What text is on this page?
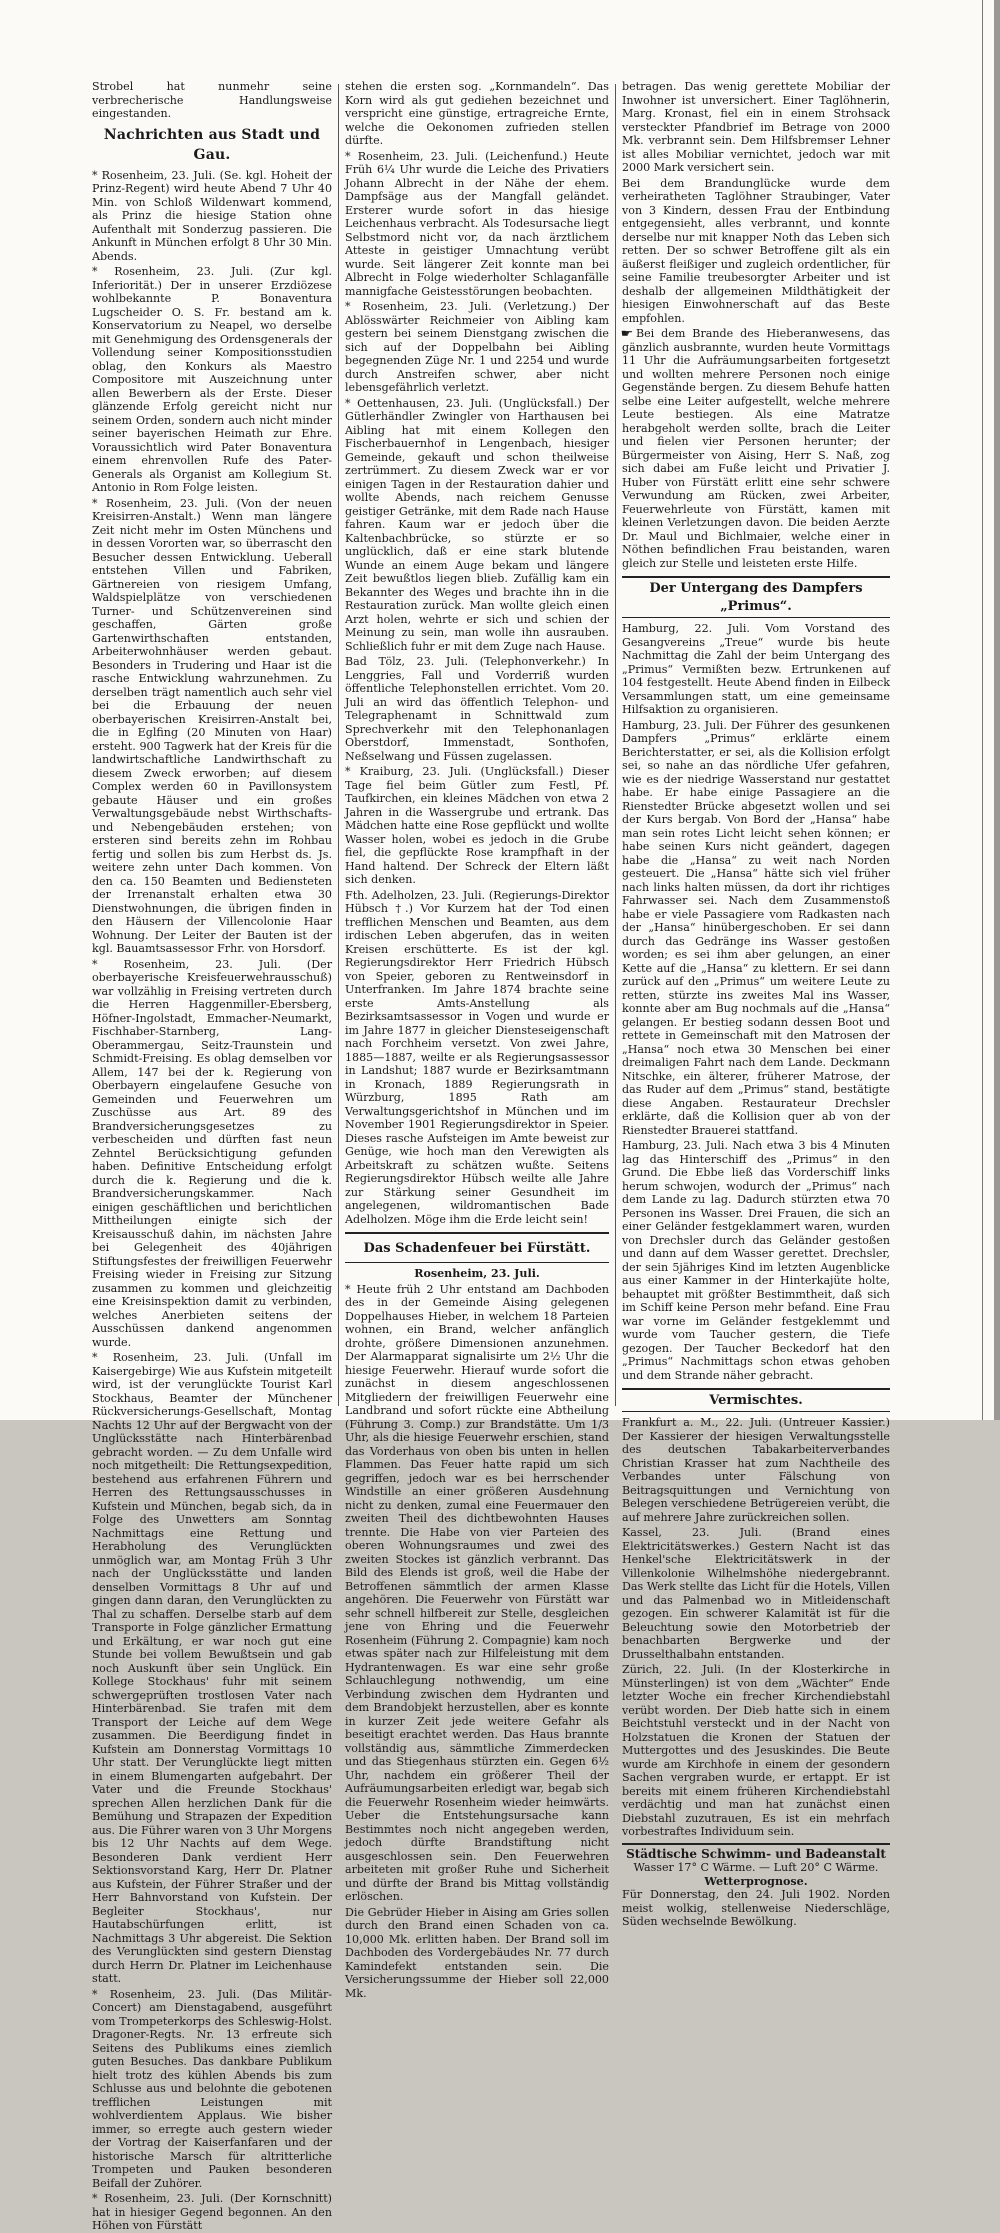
Strobel hat nunmehr seine verbrecherische Handlungsweise eingestanden.

Nachrichten aus Stadt und Gau.

* Rosenheim, 23. Juli. (Se. kgl. Hoheit der Prinz-Regent) wird heute Abend 7 Uhr 40 Min. von Schloß Wildenwart kommend, als Prinz die hiesige Station ohne Aufenthalt mit Sonderzug passieren. Die Ankunft in München erfolgt 8 Uhr 30 Min. Abends.

* Rosenheim, 23. Juli. (Zur kgl. Inferiorität.) Der in unserer Erzdiözese wohlbekannte P. Bonaventura Lugscheider O. S. Fr. bestand am k. Konservatorium zu Neapel, wo derselbe mit Genehmigung des Ordensgenerals der Vollendung seiner Kompositionsstudien oblag, den Konkurs als Maestro Compositore mit Auszeichnung unter allen Bewerbern als der Erste. Dieser glänzende Erfolg gereicht nicht nur seinem Orden, sondern auch nicht minder seiner bayerischen Heimath zur Ehre. Voraussichtlich wird Pater Bonaventura einem ehrenvollen Rufe des Pater-Generals als Organist am Kollegium St. Antonio in Rom Folge leisten.

* Rosenheim, 23. Juli. (Von der neuen Kreisirren-Anstalt.) Wenn man längere Zeit nicht mehr im Osten Münchens und in dessen Vororten war, so überrascht den Besucher dessen Entwicklung. Ueberall entstehen Villen und Fabriken, Gärtnereien von riesigem Umfang, Waldspielplätze von verschiedenen Turner- und Schützenvereinen sind geschaffen, Gärten große Gartenwirthschaften entstanden, Arbeiterwohnhäuser werden gebaut. Besonders in Trudering und Haar ist die rasche Entwicklung wahrzunehmen. Zu derselben trägt namentlich auch sehr viel bei die Erbauung der neuen oberbayerischen Kreisirren-Anstalt bei, die in Eglfing (20 Minuten von Haar) ersteht. 900 Tagwerk hat der Kreis für die landwirtschaftliche Landwirthschaft zu diesem Zweck erworben; auf diesem Complex werden 60 in Pavillonsystem gebaute Häuser und ein großes Verwaltungsgebäude nebst Wirthschafts- und Nebengebäuden erstehen; von ersteren sind bereits zehn im Rohbau fertig und sollen bis zum Herbst ds. Js. weitere zehn unter Dach kommen. Von den ca. 150 Beamten und Bediensteten der Irrenanstalt erhalten etwa 30 Dienstwohnungen, die übrigen finden in den Häusern der Villencolonie Haar Wohnung. Der Leiter der Bauten ist der kgl. Bauamtsassessor Frhr. von Horsdorf.

* Rosenheim, 23. Juli. (Der oberbayerische Kreisfeuerwehrausschuß) war vollzählig in Freising vertreten durch die Herren Haggenmiller-Ebersberg, Höfner-Ingolstadt, Emmacher-Neumarkt, Fischhaber-Starnberg, Lang-Oberammergau, Seitz-Traunstein und Schmidt-Freising. Es oblag demselben vor Allem, 147 bei der k. Regierung von Oberbayern eingelaufene Gesuche von Gemeinden und Feuerwehren um Zuschüsse aus Art. 89 des Brandversicherungsgesetzes zu verbescheiden und dürften fast neun Zehntel Berücksichtigung gefunden haben. Definitive Entscheidung erfolgt durch die k. Regierung und die k. Brandversicherungskammer. Nach einigen geschäftlichen und berichtlichen Mittheilungen einigte sich der Kreisausschuß dahin, im nächsten Jahre bei Gelegenheit des 40jährigen Stiftungsfestes der freiwilligen Feuerwehr Freising wieder in Freising zur Sitzung zusammen zu kommen und gleichzeitig eine Kreisinspektion damit zu verbinden, welches Anerbieten seitens der Ausschüssen dankend angenommen wurde.

* Rosenheim, 23. Juli. (Unfall im Kaisergebirge) Wie aus Kufstein mitgeteilt wird, ist der verunglückte Tourist Karl Stockhaus, Beamter der Münchener Rückversicherungs-Gesellschaft, Montag Nachts 12 Uhr auf der Bergwacht von der Unglücksstätte nach Hinterbärenbad gebracht worden. — Zu dem Unfalle wird noch mitgetheilt: Die Rettungsexpedition, bestehend aus erfahrenen Führern und Herren des Rettungsausschusses in Kufstein und München, begab sich, da in Folge des Unwetters am Sonntag Nachmittags eine Rettung und Herabholung des Verunglückten unmöglich war, am Montag Früh 3 Uhr nach der Unglücksstätte und landen denselben Vormittags 8 Uhr auf und gingen dann daran, den Verunglückten zu Thal zu schaffen. Derselbe starb auf dem Transporte in Folge gänzlicher Ermattung und Erkältung, er war noch gut eine Stunde bei vollem Bewußtsein und gab noch Auskunft über sein Unglück. Ein Kollege Stockhaus' fuhr mit seinem schwergeprüften trostlosen Vater nach Hinterbärenbad. Sie trafen mit dem Transport der Leiche auf dem Wege zusammen. Die Beerdigung findet in Kufstein am Donnerstag Vormittags 10 Uhr statt. Der Verunglückte liegt mitten in einem Blumengarten aufgebahrt. Der Vater und die Freunde Stockhaus' sprechen Allen herzlichen Dank für die Bemühung und Strapazen der Expedition aus. Die Führer waren von 3 Uhr Morgens bis 12 Uhr Nachts auf dem Wege. Besonderen Dank verdient Herr Sektionsvorstand Karg, Herr Dr. Platner aus Kufstein, der Führer Straßer und der Herr Bahnvorstand von Kufstein. Der Begleiter Stockhaus', nur Hautabschürfungen erlitt, ist Nachmittags 3 Uhr abgereist. Die Sektion des Verunglückten sind gestern Dienstag durch Herrn Dr. Platner im Leichenhause statt.

* Rosenheim, 23. Juli. (Das Militär-Concert) am Dienstagabend, ausgeführt vom Trompeterkorps des Schleswig-Holst. Dragoner-Regts. Nr. 13 erfreute sich Seitens des Publikums eines ziemlich guten Besuches. Das dankbare Publikum hielt trotz des kühlen Abends bis zum Schlusse aus und belohnte die gebotenen trefflichen Leistungen mit wohlverdientem Applaus. Wie bisher immer, so erregte auch gestern wieder der Vortrag der Kaiserfanfaren und der historische Marsch für altritterliche Trompeten und Pauken besonderen Beifall der Zuhörer.

* Rosenheim, 23. Juli. (Der Kornschnitt) hat in hiesiger Gegend begonnen. An den Höhen von Fürstätt

stehen die ersten sog. „Kornmandeln“. Das Korn wird als gut gediehen bezeichnet und verspricht eine günstige, ertragreiche Ernte, welche die Oekonomen zufrieden stellen dürfte.

* Rosenheim, 23. Juli. (Leichenfund.) Heute Früh 6¼ Uhr wurde die Leiche des Privatiers Johann Albrecht in der Nähe der ehem. Dampfsäge aus der Mangfall geländet. Ersterer wurde sofort in das hiesige Leichenhaus verbracht. Als Todesursache liegt Selbstmord nicht vor, da nach ärztlichem Atteste in geistiger Umnachtung verübt wurde. Seit längerer Zeit konnte man bei Albrecht in Folge wiederholter Schlaganfälle mannigfache Geistesstörungen beobachten.

* Rosenheim, 23. Juli. (Verletzung.) Der Ablösswärter Reichmeier von Aibling kam gestern bei seinem Dienstgang zwischen die sich auf der Doppelbahn bei Aibling begegnenden Züge Nr. 1 und 2254 und wurde durch Anstreifen schwer, aber nicht lebensgefährlich verletzt.

* Oettenhausen, 23. Juli. (Unglücksfall.) Der Gütlerhändler Zwingler von Harthausen bei Aibling hat mit einem Kollegen den Fischerbauernhof in Lengenbach, hiesiger Gemeinde, gekauft und schon theilweise zertrümmert. Zu diesem Zweck war er vor einigen Tagen in der Restauration dahier und wollte Abends, nach reichem Genusse geistiger Getränke, mit dem Rade nach Hause fahren. Kaum war er jedoch über die Kaltenbachbrücke, so stürzte er so unglücklich, daß er eine stark blutende Wunde an einem Auge bekam und längere Zeit bewußtlos liegen blieb. Zufällig kam ein Bekannter des Weges und brachte ihn in die Restauration zurück. Man wollte gleich einen Arzt holen, wehrte er sich und schien der Meinung zu sein, man wolle ihn ausrauben. Schließlich fuhr er mit dem Zuge nach Hause.

Bad Tölz, 23. Juli. (Telephonverkehr.) In Lenggries, Fall und Vorderriß wurden öffentliche Telephonstellen errichtet. Vom 20. Juli an wird das öffentlich Telephon- und Telegraphenamt in Schnittwald zum Sprechverkehr mit den Telephonanlagen Oberstdorf, Immenstadt, Sonthofen, Neßselwang und Füssen zugelassen.

* Kraiburg, 23. Juli. (Unglücksfall.) Dieser Tage fiel beim Gütler zum Festl, Pf. Taufkirchen, ein kleines Mädchen von etwa 2 Jahren in die Wassergrube und ertrank. Das Mädchen hatte eine Rose gepflückt und wollte Wasser holen, wobei es jedoch in die Grube fiel, die gepflückte Rose krampfhaft in der Hand haltend. Der Schreck der Eltern läßt sich denken.

Fth. Adelholzen, 23. Juli. (Regierungs-Direktor Hübsch †.) Vor Kurzem hat der Tod einen trefflichen Menschen und Beamten, aus dem irdischen Leben abgerufen, das in weiten Kreisen erschütterte. Es ist der kgl. Regierungsdirektor Herr Friedrich Hübsch von Speier, geboren zu Rentweinsdorf in Unterfranken. Im Jahre 1874 brachte seine erste Amts-Anstellung als Bezirksamtsassessor in Vogen und wurde er im Jahre 1877 in gleicher Diensteseigenschaft nach Forchheim versetzt. Von zwei Jahre, 1885—1887, weilte er als Regierungsassessor in Landshut; 1887 wurde er Bezirksamtmann in Kronach, 1889 Regierungsrath in Würzburg, 1895 Rath am Verwaltungsgerichtshof in München und im November 1901 Regierungsdirektor in Speier. Dieses rasche Aufsteigen im Amte beweist zur Genüge, wie hoch man den Verewigten als Arbeitskraft zu schätzen wußte. Seitens Regierungsdirektor Hübsch weilte alle Jahre zur Stärkung seiner Gesundheit im angelegenen, wildromantischen Bade Adelholzen. Möge ihm die Erde leicht sein!

Das Schadenfeuer bei Fürstätt.
Rosenheim, 23. Juli.

* Heute früh 2 Uhr entstand am Dachboden des in der Gemeinde Aising gelegenen Doppelhauses Hieber, in welchem 18 Parteien wohnen, ein Brand, welcher anfänglich drohte, größere Dimensionen anzunehmen. Der Alarmapparat signalisirte um 2½ Uhr die hiesige Feuerwehr. Hierauf wurde sofort die zunächst in diesem angeschlossenen Mitgliedern der freiwilligen Feuerwehr eine Landbrand und sofort rückte eine Abtheilung (Führung 3. Comp.) zur Brandstätte. Um 1/3 Uhr, als die hiesige Feuerwehr erschien, stand das Vorderhaus von oben bis unten in hellen Flammen. Das Feuer hatte rapid um sich gegriffen, jedoch war es bei herrschender Windstille an einer größeren Ausdehnung nicht zu denken, zumal eine Feuermauer den zweiten Theil des dichtbewohnten Hauses trennte. Die Habe von vier Parteien des oberen Wohnungsraumes und zwei des zweiten Stockes ist gänzlich verbrannt. Das Bild des Elends ist groß, weil die Habe der Betroffenen sämmtlich der armen Klasse angehören. Die Feuerwehr von Fürstätt war sehr schnell hilfbereit zur Stelle, desgleichen jene von Ehring und die Feuerwehr Rosenheim (Führung 2. Compagnie) kam noch etwas später nach zur Hilfeleistung mit dem Hydrantenwagen. Es war eine sehr große Schlauchlegung nothwendig, um eine Verbindung zwischen dem Hydranten und dem Brandobjekt herzustellen, aber es konnte in kurzer Zeit jede weitere Gefahr als beseitigt erachtet werden. Das Haus brannte vollständig aus, sämmtliche Zimmerdecken und das Stiegenhaus stürzten ein. Gegen 6½ Uhr, nachdem ein größerer Theil der Aufräumungsarbeiten erledigt war, begab sich die Feuerwehr Rosenheim wieder heimwärts. Ueber die Entstehungsursache kann Bestimmtes noch nicht angegeben werden, jedoch dürfte Brandstiftung nicht ausgeschlossen sein. Den Feuerwehren arbeiteten mit großer Ruhe und Sicherheit und dürfte der Brand bis Mittag vollständig erlöschen.

Die Gebrüder Hieber in Aising am Gries sollen durch den Brand einen Schaden von ca. 10,000 Mk. erlitten haben. Der Brand soll im Dachboden des Vordergebäudes Nr. 77 durch Kamindefekt entstanden sein. Die Versicherungssumme der Hieber soll 22,000 Mk.

betragen. Das wenig gerettete Mobiliar der Inwohner ist unversichert. Einer Taglöhnerin, Marg. Kronast, fiel ein in einem Strohsack versteckter Pfandbrief im Betrage von 2000 Mk. verbrannt sein. Dem Hilfsbremser Lehner ist alles Mobiliar vernichtet, jedoch war mit 2000 Mark versichert sein.

Bei dem Brandunglücke wurde dem verheiratheten Taglöhner Straubinger, Vater von 3 Kindern, dessen Frau der Entbindung entgegensieht, alles verbrannt, und konnte derselbe nur mit knapper Noth das Leben sich retten. Der so schwer Betroffene gilt als ein äußerst fleißiger und zugleich ordentlicher, für seine Familie treubesorgter Arbeiter und ist deshalb der allgemeinen Mildthätigkeit der hiesigen Einwohnerschaft auf das Beste empfohlen.

☛ Bei dem Brande des Hieberanwesens, das gänzlich ausbrannte, wurden heute Vormittags 11 Uhr die Aufräumungsarbeiten fortgesetzt und wollten mehrere Personen noch einige Gegenstände bergen. Zu diesem Behufe hatten selbe eine Leiter aufgestellt, welche mehrere Leute bestiegen. Als eine Matratze herabgeholt werden sollte, brach die Leiter und fielen vier Personen herunter; der Bürgermeister von Aising, Herr S. Naß, zog sich dabei am Fuße leicht und Privatier J. Huber von Fürstätt erlitt eine sehr schwere Verwundung am Rücken, zwei Arbeiter, Feuerwehrleute von Fürstätt, kamen mit kleinen Verletzungen davon. Die beiden Aerzte Dr. Maul und Bichlmaier, welche einer in Nöthen befindlichen Frau beistanden, waren gleich zur Stelle und leisteten erste Hilfe.

Der Untergang des Dampfers „Primus“.

Hamburg, 22. Juli. Vom Vorstand des Gesangvereins „Treue“ wurde bis heute Nachmittag die Zahl der beim Untergang des „Primus“ Vermißten bezw. Ertrunkenen auf 104 festgestellt. Heute Abend finden in Eilbeck Versammlungen statt, um eine gemeinsame Hilfsaktion zu organisieren.

Hamburg, 23. Juli. Der Führer des gesunkenen Dampfers „Primus“ erklärte einem Berichterstatter, er sei, als die Kollision erfolgt sei, so nahe an das nördliche Ufer gefahren, wie es der niedrige Wasserstand nur gestattet habe. Er habe einige Passagiere an die Rienstedter Brücke abgesetzt wollen und sei der Kurs bergab. Von Bord der „Hansa“ habe man sein rotes Licht leicht sehen können; er habe seinen Kurs nicht geändert, dagegen habe die „Hansa“ zu weit nach Norden gesteuert. Die „Hansa“ hätte sich viel früher nach links halten müssen, da dort ihr richtiges Fahrwasser sei. Nach dem Zusammenstoß habe er viele Passagiere vom Radkasten nach der „Hansa“ hinübergeschoben. Er sei dann durch das Gedränge ins Wasser gestoßen worden; es sei ihm aber gelungen, an einer Kette auf die „Hansa“ zu klettern. Er sei dann zurück auf den „Primus“ um weitere Leute zu retten, stürzte ins zweites Mal ins Wasser, konnte aber am Bug nochmals auf die „Hansa“ gelangen. Er bestieg sodann dessen Boot und rettete in Gemeinschaft mit den Matrosen der „Hansa“ noch etwa 30 Menschen bei einer dreimaligen Fahrt nach dem Lande. Deckmann Nitschke, ein älterer, früherer Matrose, der das Ruder auf dem „Primus“ stand, bestätigte diese Angaben. Restaurateur Drechsler erklärte, daß die Kollision quer ab von der Rienstedter Brauerei stattfand.

Hamburg, 23. Juli. Nach etwa 3 bis 4 Minuten lag das Hinterschiff des „Primus“ in den Grund. Die Ebbe ließ das Vorderschiff links herum schwojen, wodurch der „Primus“ nach dem Lande zu lag. Dadurch stürzten etwa 70 Personen ins Wasser. Drei Frauen, die sich an einer Geländer festgeklammert waren, wurden von Drechsler durch das Geländer gestoßen und dann auf dem Wasser gerettet. Drechsler, der sein 5jähriges Kind im letzten Augenblicke aus einer Kammer in der Hinterkajüte holte, behauptet mit größter Bestimmtheit, daß sich im Schiff keine Person mehr befand. Eine Frau war vorne im Geländer festgeklemmt und wurde vom Taucher gestern, die Tiefe gezogen. Der Taucher Beckedorf hat den „Primus“ Nachmittags schon etwas gehoben und dem Strande näher gebracht.

Vermischtes.

Frankfurt a. M., 22. Juli. (Untreuer Kassier.) Der Kassierer der hiesigen Verwaltungsstelle des deutschen Tabakarbeiterverbandes Christian Krasser hat zum Nachtheile des Verbandes unter Fälschung von Beitragsquittungen und Vernichtung von Belegen verschiedene Betrügereien verübt, die auf mehrere Jahre zurückreichen sollen.

Kassel, 23. Juli. (Brand eines Elektricitätswerkes.) Gestern Nacht ist das Henkel'sche Elektricitätswerk in der Villenkolonie Wilhelmshöhe niedergebrannt. Das Werk stellte das Licht für die Hotels, Villen und das Palmenbad wo in Mitleidenschaft gezogen. Ein schwerer Kalamität ist für die Beleuchtung sowie den Motorbetrieb der benachbarten Bergwerke und der Drusselthalbahn entstanden.

Zürich, 22. Juli. (In der Klosterkirche in Münsterlingen) ist von dem „Wächter“ Ende letzter Woche ein frecher Kirchendiebstahl verübt worden. Der Dieb hatte sich in einem Beichtstuhl versteckt und in der Nacht von Holzstatuen die Kronen der Statuen der Muttergottes und des Jesuskindes. Die Beute wurde am Kirchhofe in einem der gesondern Sachen vergraben wurde, er ertappt. Er ist bereits mit einem früheren Kirchendiebstahl verdächtig und man hat zunächst einen Diebstahl zuzutrauen, Es ist ein mehrfach vorbestraftes Individuum sein.

Städtische Schwimm- und Badeanstalt
Wasser 17° C Wärme. — Luft 20° C Wärme.
Wetterprognose.

Für Donnerstag, den 24. Juli 1902. Norden meist wolkig, stellenweise Niederschläge, Süden wechselnde Bewölkung.
